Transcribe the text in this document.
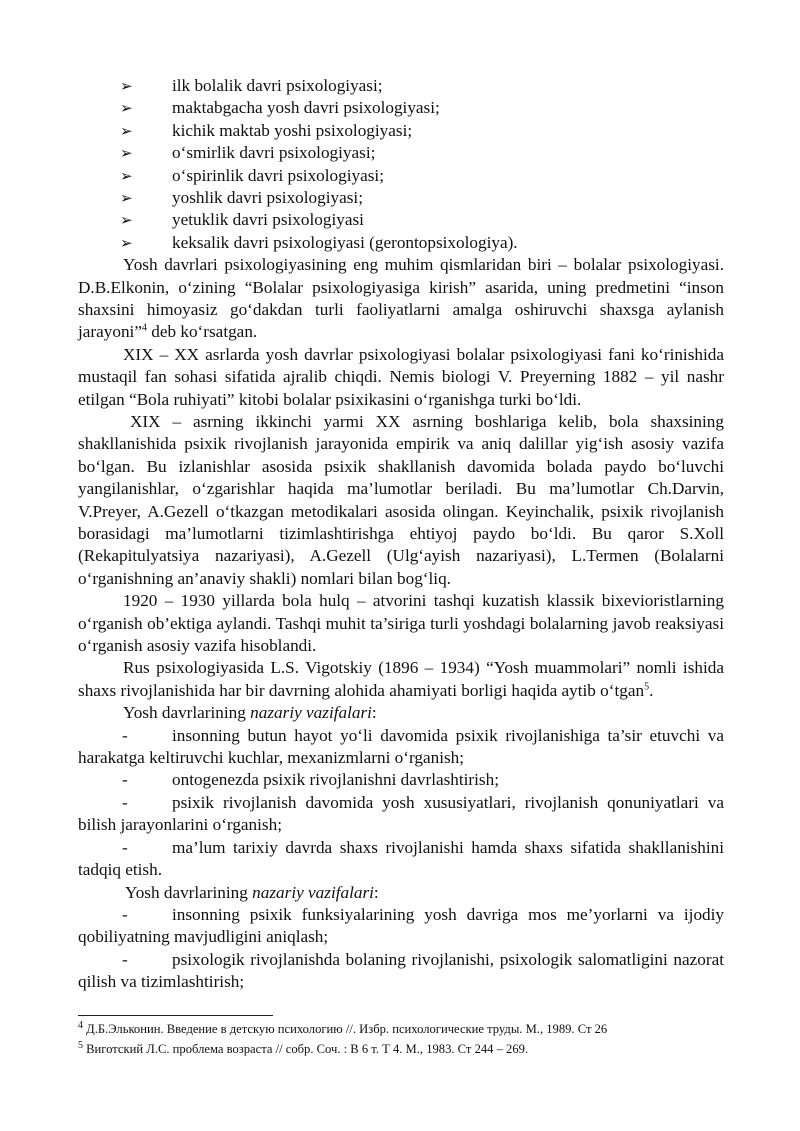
➢ ilk bolalik davri psixologiyasi;
➢ maktabgacha yosh davri psixologiyasi;
➢ kichik maktab yoshi psixologiyasi;
➢ o‘smirlik davri psixologiyasi;
➢ o‘spirinlik davri psixologiyasi;
➢ yoshlik davri psixologiyasi;
➢ yetuklik davri psixologiyasi
➢ keksalik davri psixologiyasi (gerontopsixologiya).

Yosh davrlari psixologiyasining eng muhim qismlaridan biri – bolalar psixologiyasi. D.B.Elkonin, o‘zining “Bolalar psixologiyasiga kirish” asarida, uning predmetini “inson shaxsini himoyasiz go‘dakdan turli faoliyatlarni amalga oshiruvchi shaxsga aylanish jarayoni”$^4$ deb ko‘rsatgan.

XIX – XX asrlarda yosh davrlar psixologiyasi bolalar psixologiyasi fani ko‘rinishida mustaqil fan sohasi sifatida ajralib chiqdi. Nemis biologi V. Preyerning 1882 – yil nashr etilgan “Bola ruhiyati” kitobi bolalar psixikasini o‘rganishga turki bo‘ldi.

XIX – asrning ikkinchi yarmi XX asrning boshlariga kelib, bola shaxsining shakllanishida psixik rivojlanish jarayonida empirik va aniq dalillar yig‘ish asosiy vazifa bo‘lgan. Bu izlanishlar asosida psixik shakllanish davomida bolada paydo bo‘luvchi yangilanishlar, o‘zgarishlar haqida ma’lumotlar beriladi. Bu ma’lumotlar Ch.Darvin, V.Preyer, A.Gezell o‘tkazgan metodikalari asosida olingan. Keyinchalik, psixik rivojlanish borasidagi ma’lumotlarni tizimlashtirishga ehtiyoj paydo bo‘ldi. Bu qaror S.Xoll (Rekapitulyatsiya nazariyasi), A.Gezell (Ulg‘ayish nazariyasi), L.Termen (Bolalarni o‘rganishning an’anaviy shakli) nomlari bilan bog‘liq.

1920 – 1930 yillarda bola hulq – atvorini tashqi kuzatish klassik bixevioristlarning o‘rganish ob’ektiga aylandi. Tashqi muhit ta’siriga turli yoshdagi bolalarning javob reaksiyasi o‘rganish asosiy vazifa hisoblandi.

Rus psixologiyasida L.S. Vigotskiy (1896 – 1934) “Yosh muammolari” nomli ishida shaxs rivojlanishida har bir davrning alohida ahamiyati borligi haqida aytib o‘tgan$^5$.

Yosh davrlarining nazariy vazifalari:

-	insonning butun hayot yo‘li davomida psixik rivojlanishiga ta’sir etuvchi va harakatga keltiruvchi kuchlar, mexanizmlarni o‘rganish;

-	ontogenezda psixik rivojlanishni davrlashtirish;

-	psixik rivojlanish davomida yosh xususiyatlari, rivojlanish qonuniyatlari va bilish jarayonlarini o‘rganish;

-	ma’lum tarixiy davrda shaxs rivojlanishi hamda shaxs sifatida shakllanishini tadqiq etish.

Yosh davrlarining nazariy vazifalari:

-	insonning psixik funksiyalarining yosh davriga mos me’yorlarni va ijodiy qobiliyatning mavjudligini aniqlash;

-	psixologik rivojlanishda bolaning rivojlanishi, psixologik salomatligini nazorat qilish va tizimlashtirish;

$^4$ Д.Б.Эльконин. Введение в детскую психологию //. Избр. психологические труды. М., 1989. Ст 26
$^5$ Виготский Л.С. проблема возраста // собр. Соч. : В 6 т. Т 4. М., 1983. Ст 244 – 269.
